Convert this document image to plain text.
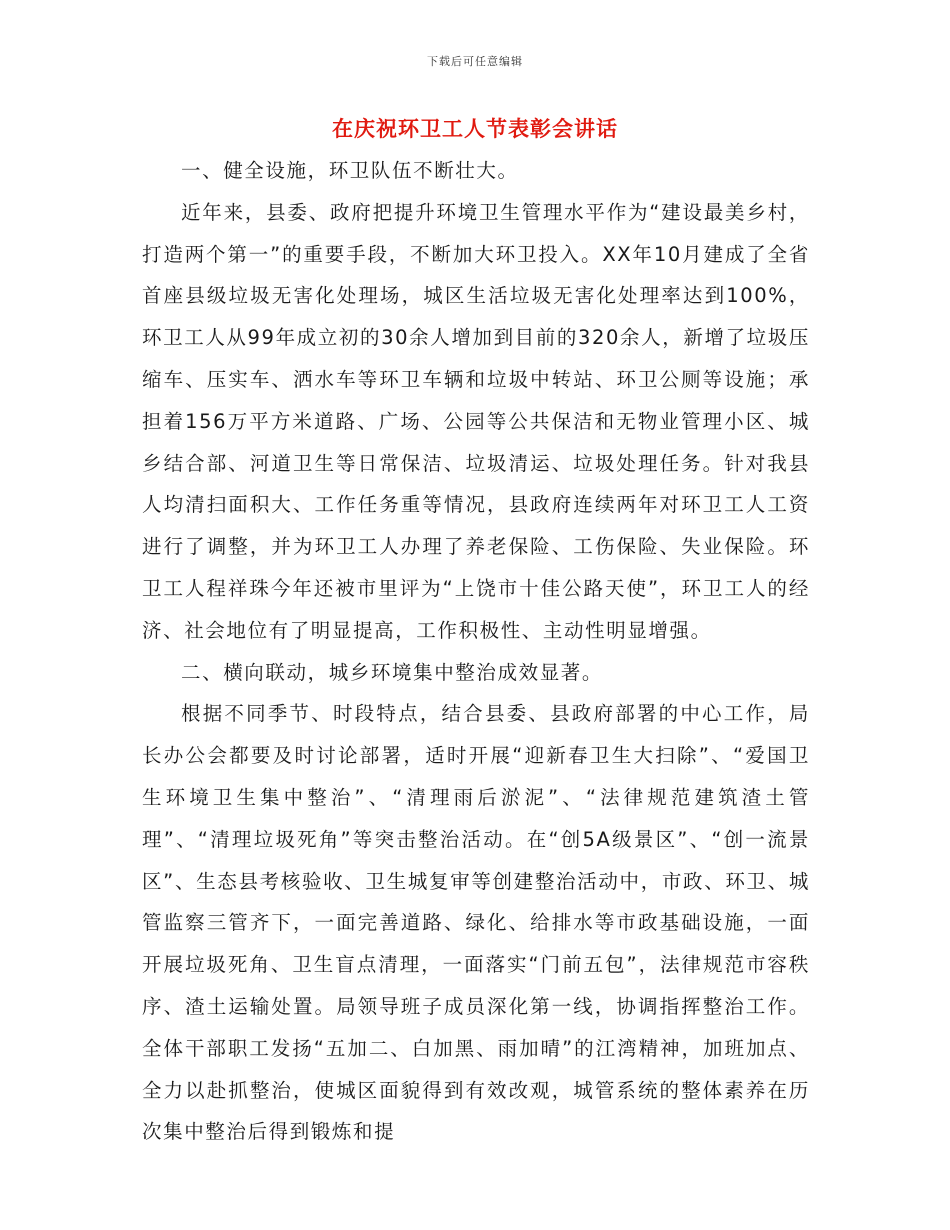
下载后可任意编辑
在庆祝环卫工人节表彰会讲话

一、健全设施，环卫队伍不断壮大。

近年来，县委、政府把提升环境卫生管理水平作为“建设最美乡村，打造两个第一”的重要手段，不断加大环卫投入。XX年10月建成了全省首座县级垃圾无害化处理场，城区生活垃圾无害化处理率达到100%，环卫工人从99年成立初的30余人增加到目前的320余人，新增了垃圾压缩车、压实车、洒水车等环卫车辆和垃圾中转站、环卫公厕等设施；承担着156万平方米道路、广场、公园等公共保洁和无物业管理小区、城乡结合部、河道卫生等日常保洁、垃圾清运、垃圾处理任务。针对我县人均清扫面积大、工作任务重等情况，县政府连续两年对环卫工人工资进行了调整，并为环卫工人办理了养老保险、工伤保险、失业保险。环卫工人程祥珠今年还被市里评为“上饶市十佳公路天使”，环卫工人的经济、社会地位有了明显提高，工作积极性、主动性明显增强。

二、横向联动，城乡环境集中整治成效显著。

根据不同季节、时段特点，结合县委、县政府部署的中心工作，局长办公会都要及时讨论部署，适时开展“迎新春卫生大扫除”、“爱国卫生环境卫生集中整治”、“清理雨后淤泥”、“法律规范建筑渣土管理”、“清理垃圾死角”等突击整治活动。在“创5A级景区”、“创一流景区”、生态县考核验收、卫生城复审等创建整治活动中，市政、环卫、城管监察三管齐下，一面完善道路、绿化、给排水等市政基础设施，一面开展垃圾死角、卫生盲点清理，一面落实“门前五包”，法律规范市容秩序、渣土运输处置。局领导班子成员深化第一线，协调指挥整治工作。全体干部职工发扬“五加二、白加黑、雨加晴”的江湾精神，加班加点、全力以赴抓整治，使城区面貌得到有效改观，城管系统的整体素养在历次集中整治后得到锻炼和提
